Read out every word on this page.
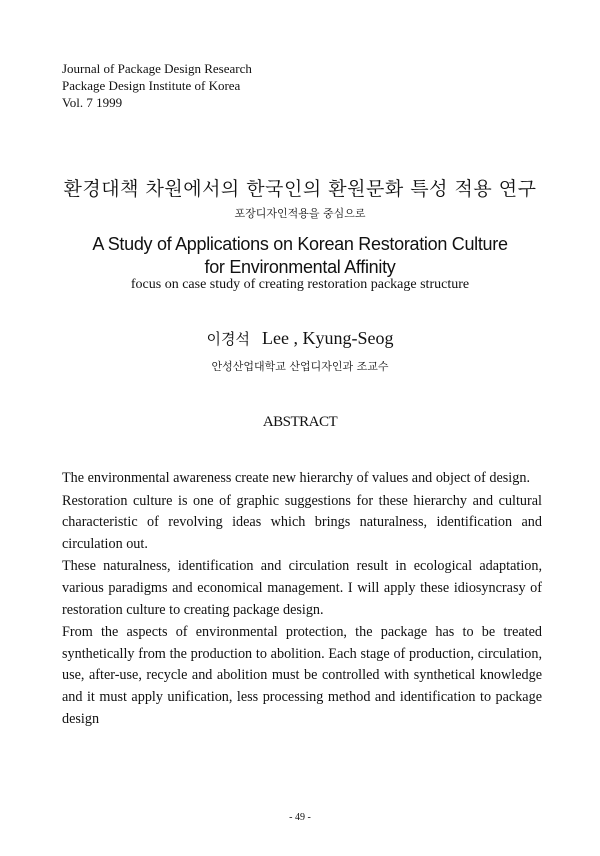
Journal of Package Design Research
Package Design Institute of Korea
Vol. 7 1999
환경대책 차원에서의 한국인의 환원문화 특성 적용 연구
포장디자인적용을 중심으로
A Study of Applications on Korean Restoration Culture
for Environmental Affinity
focus on case study of creating restoration package structure
이경석 Lee , Kyung-Seog
안성산업대학교 산업디자인과 조교수
ABSTRACT

The environmental awareness create new hierarchy of values and object of design.

Restoration culture is one of graphic suggestions for these hierarchy and cultural characteristic of revolving ideas which brings naturalness, identification and circulation out.

These naturalness, identification and circulation result in ecological adaptation, various paradigms and economical management. I will apply these idiosyncrasy of restoration culture to creating package design.

From the aspects of environmental protection, the package has to be treated synthetically from the production to abolition. Each stage of production, circulation, use, after-use, recycle and abolition must be controlled with synthetical knowledge and it must apply unification, less processing method and identification to package design

- 49 -
